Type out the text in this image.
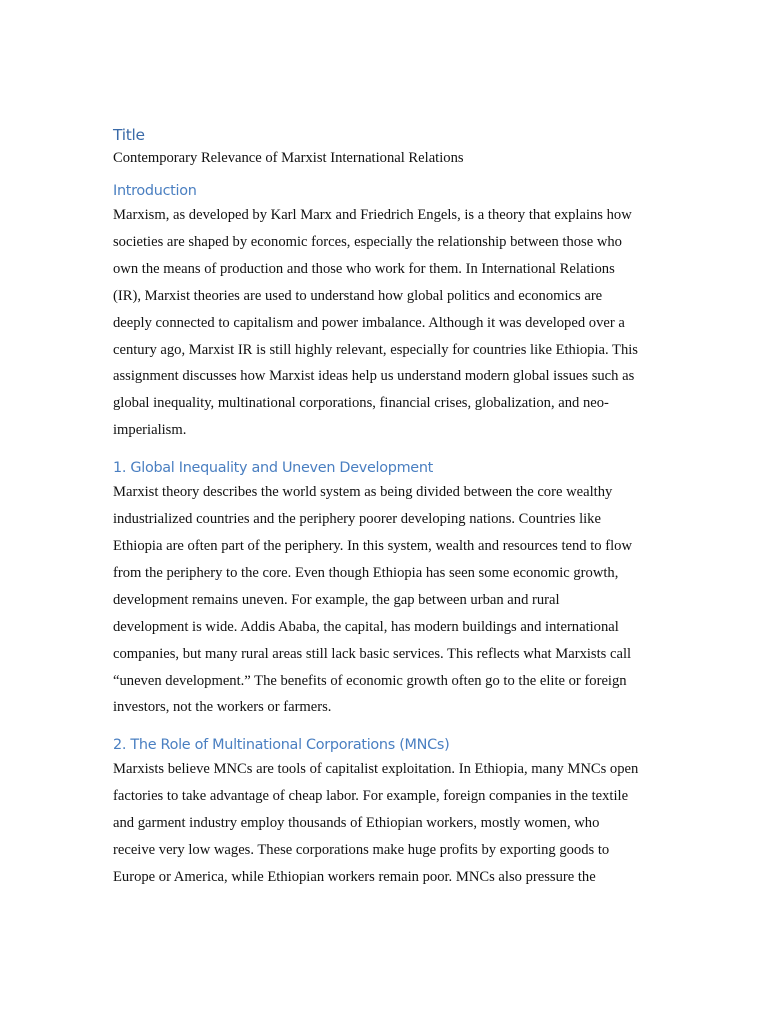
Title

Contemporary Relevance of Marxist International Relations

Introduction

Marxism, as developed by Karl Marx and Friedrich Engels, is a theory that explains how
societies are shaped by economic forces, especially the relationship between those who
own the means of production and those who work for them. In International Relations
(IR), Marxist theories are used to understand how global politics and economics are
deeply connected to capitalism and power imbalance. Although it was developed over a
century ago, Marxist IR is still highly relevant, especially for countries like Ethiopia. This
assignment discusses how Marxist ideas help us understand modern global issues such as
global inequality, multinational corporations, financial crises, globalization, and neo-
imperialism.

1. Global Inequality and Uneven Development

Marxist theory describes the world system as being divided between the core wealthy
industrialized countries and the periphery poorer developing nations. Countries like
Ethiopia are often part of the periphery. In this system, wealth and resources tend to flow
from the periphery to the core. Even though Ethiopia has seen some economic growth,
development remains uneven. For example, the gap between urban and rural
development is wide. Addis Ababa, the capital, has modern buildings and international
companies, but many rural areas still lack basic services. This reflects what Marxists call
“uneven development.” The benefits of economic growth often go to the elite or foreign
investors, not the workers or farmers.

2. The Role of Multinational Corporations (MNCs)

Marxists believe MNCs are tools of capitalist exploitation. In Ethiopia, many MNCs open
factories to take advantage of cheap labor. For example, foreign companies in the textile
and garment industry employ thousands of Ethiopian workers, mostly women, who
receive very low wages. These corporations make huge profits by exporting goods to
Europe or America, while Ethiopian workers remain poor. MNCs also pressure the
